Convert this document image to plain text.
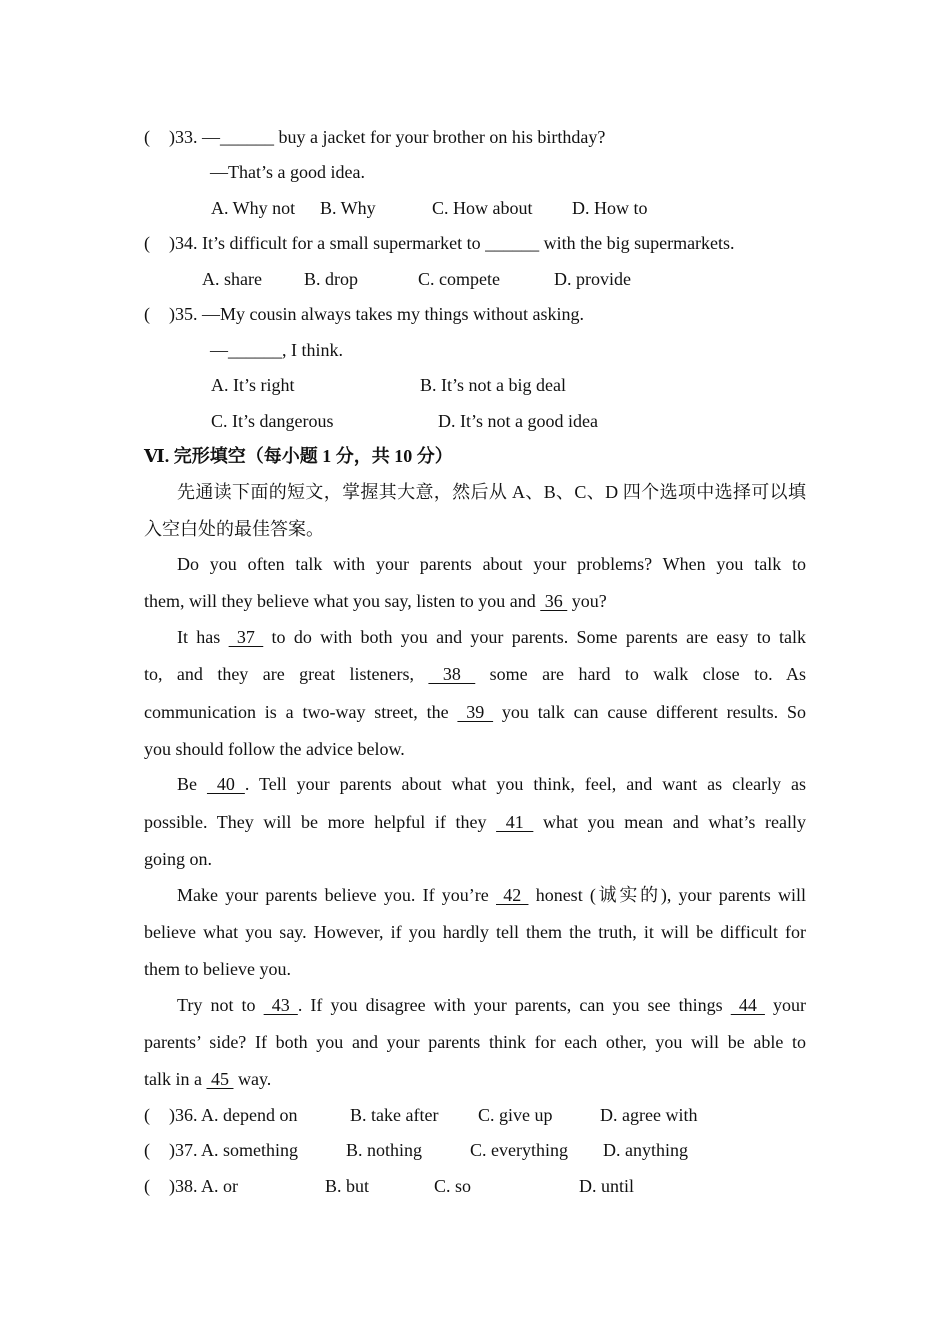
( )33. —______ buy a jacket for your brother on his birthday?
—That’s a good idea.
A. Why not B. Why	C. How about D. How to
( )34. It’s difficult for a small supermarket to ______ with the big supermarkets.
A. share B. drop	C. compete	D. provide
( )35. —My cousin always takes my things without asking.
—______, I think.
A. It’s right	B. It’s not a big deal
C. It’s dangerous	D. It’s not a good idea
Ⅵ. 完形填空（每小题 1 分，共 10 分）
先通读下面的短文，掌握其大意，然后从 A、B、C、D 四个选项中选择可以填
入空白处的最佳答案。
Do you often talk with your parents about your problems? When you talk to
them, will they believe what you say, listen to you and  36  you?
It has  37  to do with both you and your parents. Some parents are easy to talk
to, and they are great listeners,  38  some are hard to walk close to. As
communication is a two-way street, the  39  you talk can cause different results. So
you should follow the advice below.
Be  40 . Tell your parents about what you think, feel, and want as clearly as
possible. They will be more helpful if they  41  what you mean and what’s really
going on.
Make your parents believe you. If you’re  42  honest (诚实的), your parents will
believe what you say. However, if you hardly tell them the truth, it will be difficult for
them to believe you.
Try not to  43 . If you disagree with your parents, can you see things  44  your
parents’ side? If both you and your parents think for each other, you will be able to
talk in a  45  way.
( )36. A. depend on	B. take after C. give up	D. agree with
( )37. A. something	B. nothing	C. everything D. anything
( )38. A. or	B. but	C. so	D. until
